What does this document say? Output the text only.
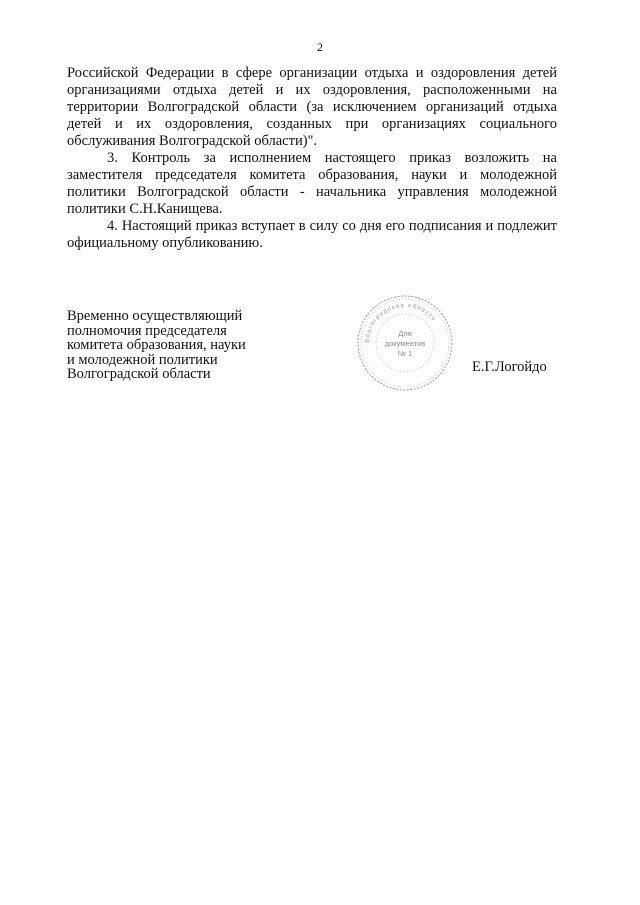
2

Российской Федерации в сфере организации отдыха и оздоровления детей организациями отдыха детей и их оздоровления, расположенными на территории Волгоградской области (за исключением организаций отдыха детей и их оздоровления, созданных при организациях социального обслуживания Волгоградской области)".

3. Контроль за исполнением настоящего приказ возложить на заместителя председателя комитета образования, науки и молодежной политики Волгоградской области - начальника управления молодежной политики С.Н.Канищева.

4. Настоящий приказ вступает в силу со дня его подписания и подлежит официальному опубликованию.

Временно осуществляющий
полномочия председателя
комитета образования, науки
и молодежной политики
Волгоградской области
Волгоградская область
Для
документов
№ 1
Е.Г.Логойдо
